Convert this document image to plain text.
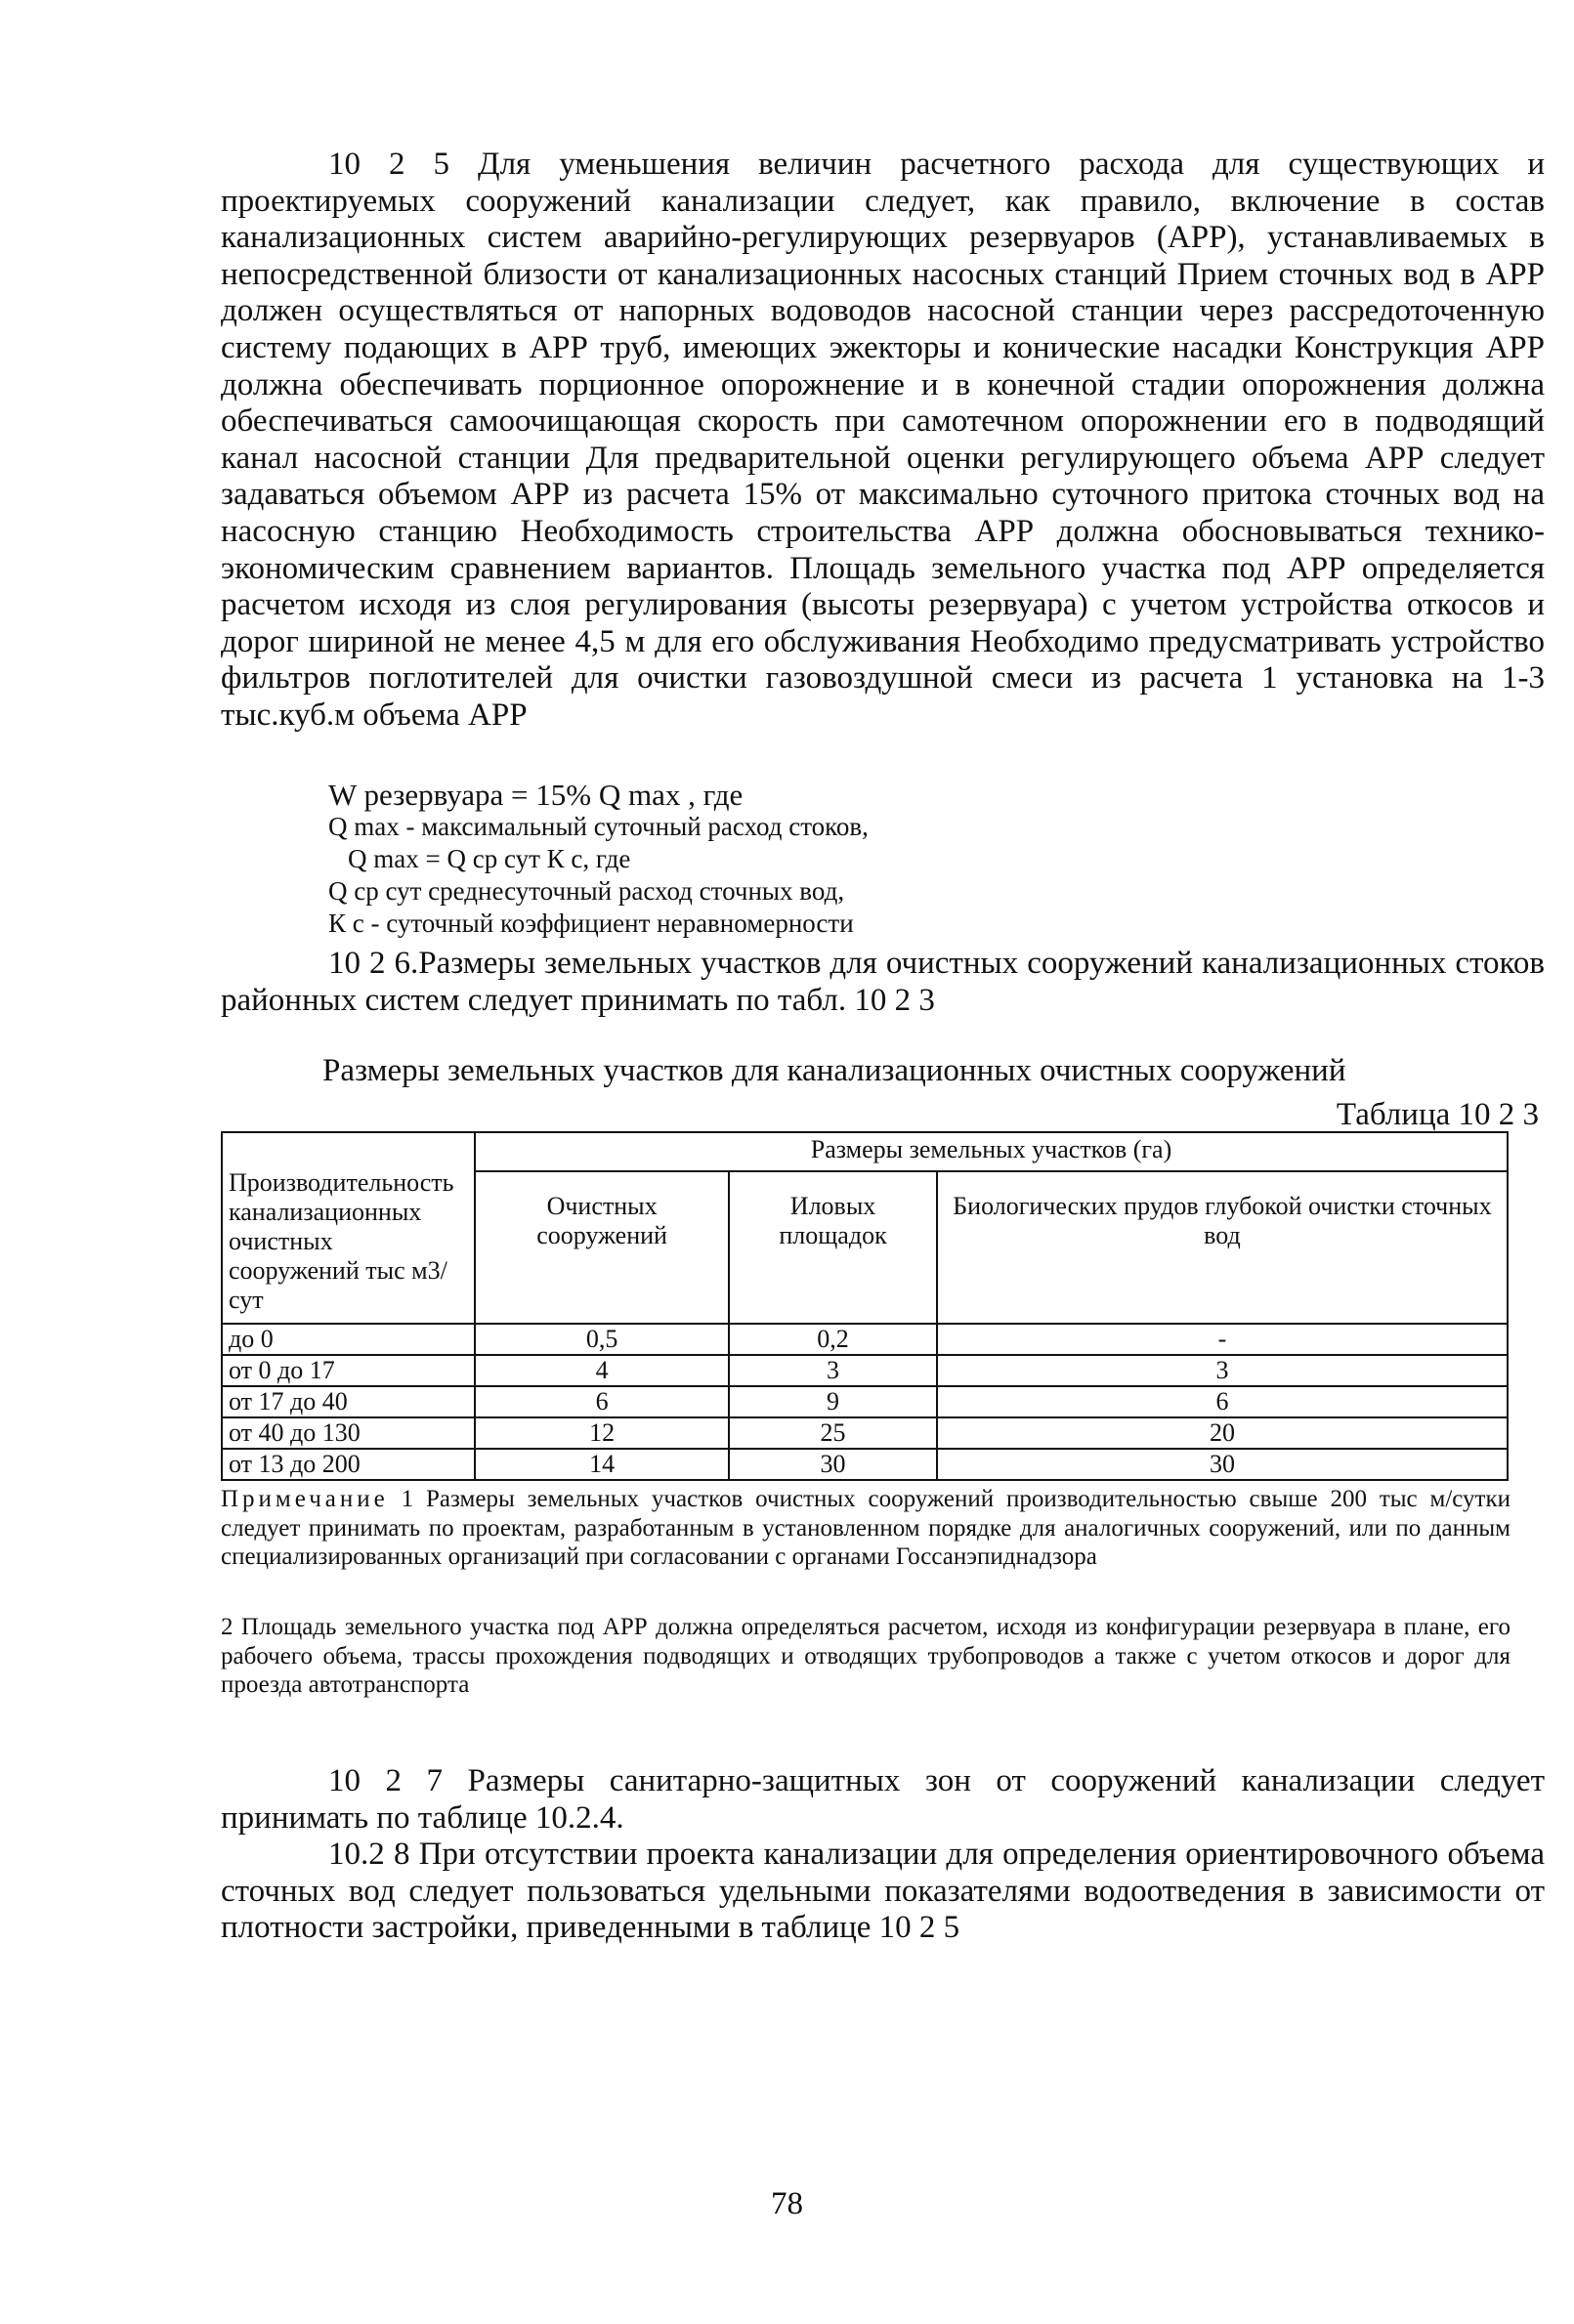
10 2 5 Для уменьшения величин расчетного расхода для существующих и проектируемых сооружений канализации следует, как правило, включение в состав канализационных систем аварийно-регулирующих резервуаров (АРР), устанавливаемых в непосредственной близости от канализационных насосных станций Прием сточных вод в АРР должен осуществляться от напорных водоводов насосной станции через рассредоточенную систему подающих в АРР труб, имеющих эжекторы и конические насадки Конструкция АРР должна обеспечивать порционное опорожнение и в конечной стадии опорожнения должна обеспечиваться самоочищающая скорость при самотечном опорожнении его в подводящий канал насосной станции Для предварительной оценки регулирующего объема АРР следует задаваться объемом АРР из расчета 15% от максимально суточного притока сточных вод на насосную станцию Необходимость строительства АРР должна обосновываться технико-экономическим сравнением вариантов. Площадь земельного участка под АРР определяется расчетом исходя из слоя регулирования (высоты резервуара) с учетом устройства откосов и дорог шириной не менее 4,5 м для его обслуживания Необходимо предусматривать устройство фильтров поглотителей для очистки газовоздушной смеси из расчета 1 установка на 1-3 тыс.куб.м объема АРР

W резервуара = 15% Q max , где
Q max - максимальный суточный расход стоков,
Q max = Q ср сут К с, где
Q ср сут среднесуточный расход сточных вод,
К с - суточный коэффициент неравномерности

10 2 6.Размеры земельных участков для очистных сооружений канализационных стоков районных систем следует принимать по табл. 10 2 3

Размеры земельных участков для канализационных очистных сооружений
Таблица 10 2 3
Производительность канализационных очистных сооружений тыс м3/сут	Размеры земельных участков (га)		
	Очистных сооружений	Иловых площадок	Биологических прудов глубокой очистки сточных вод
до 0	0,5	0,2	-
от 0 до 17	4	3	3
от 17 до 40	6	9	6
от 40 до 130	12	25	20
от 13 до 200	14	30	30

Примечание 1 Размеры земельных участков очистных сооружений производительностью свыше 200 тыс м/сутки следует принимать по проектам, разработанным в установленном порядке для аналогичных сооружений, или по данным специализированных организаций при согласовании с органами Госсанэпиднадзора

2 Площадь земельного участка под АРР должна определяться расчетом, исходя из конфигурации резервуара в плане, его рабочего объема, трассы прохождения подводящих и отводящих трубопроводов а также с учетом откосов и дорог для проезда автотранспорта

10 2 7 Размеры санитарно-защитных зон от сооружений канализации следует принимать по таблице 10.2.4.

10.2 8 При отсутствии проекта канализации для определения ориентировочного объема сточных вод следует пользоваться удельными показателями водоотведения в зависимости от плотности застройки, приведенными в таблице 10 2 5

78
